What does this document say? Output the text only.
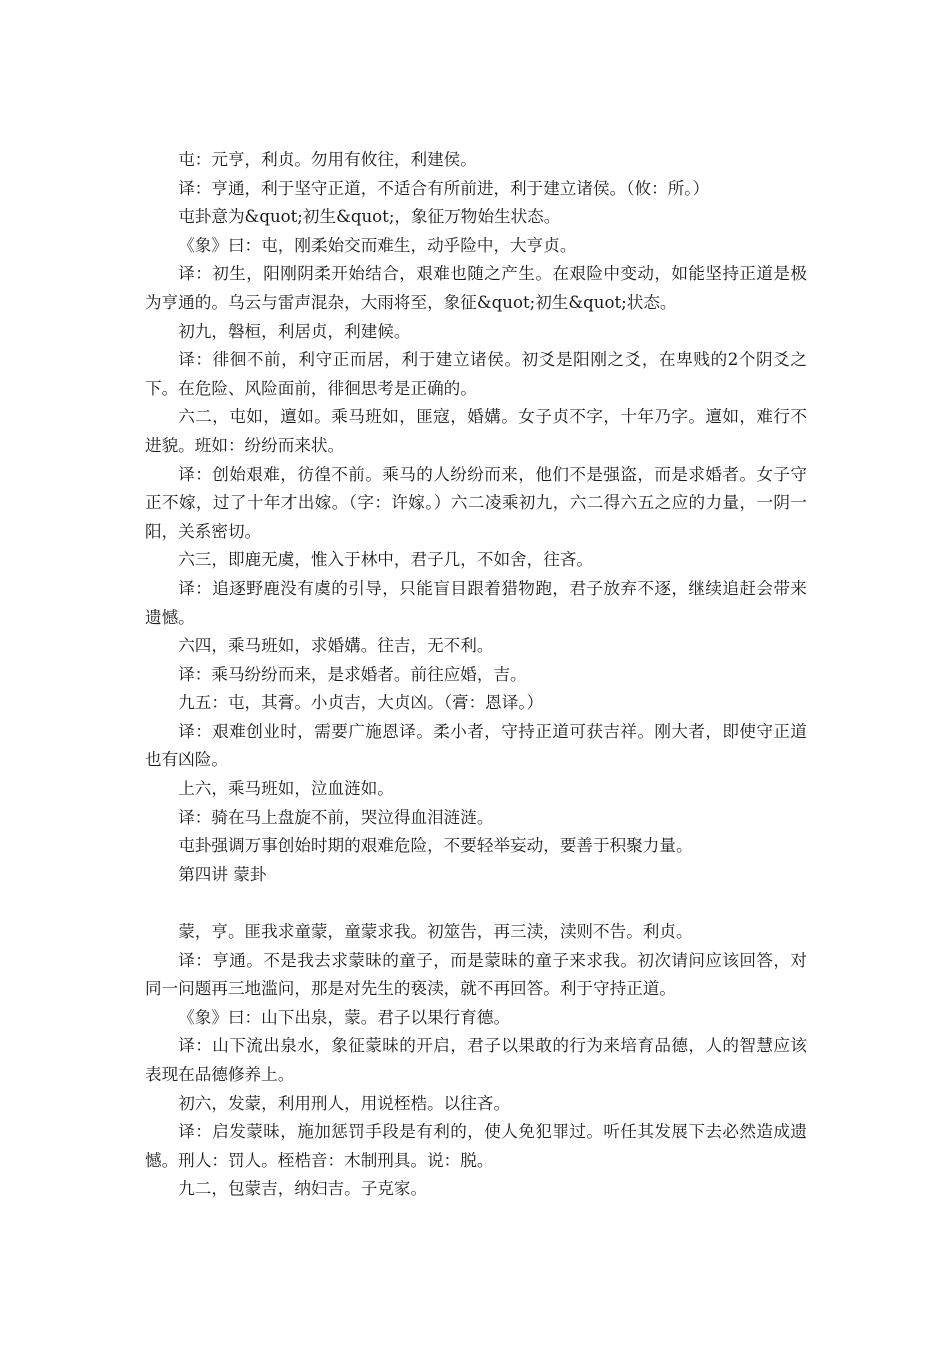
屯：元亨，利贞。勿用有攸往，利建侯。

译：亨通，利于坚守正道，不适合有所前进，利于建立诸侯。（攸：所。）

屯卦意为&quot;初生&quot;，象征万物始生状态。

《象》曰：屯，刚柔始交而难生，动乎险中，大亨贞。

译：初生，阳刚阴柔开始结合，艰难也随之产生。在艰险中变动，如能坚持正道是极为亨通的。乌云与雷声混杂，大雨将至，象征&quot;初生&quot;状态。

初九，磐桓，利居贞，利建候。

译：徘徊不前，利守正而居，利于建立诸侯。初爻是阳刚之爻，在卑贱的2个阴爻之下。在危险、风险面前，徘徊思考是正确的。

六二，屯如，邅如。乘马班如，匪寇，婚媾。女子贞不字，十年乃字。邅如，难行不进貌。班如：纷纷而来状。

译：创始艰难，彷徨不前。乘马的人纷纷而来，他们不是强盗，而是求婚者。女子守正不嫁，过了十年才出嫁。（字：许嫁。）六二凌乘初九，六二得六五之应的力量，一阴一阳，关系密切。

六三，即鹿无虞，惟入于林中，君子几，不如舍，往吝。

译：追逐野鹿没有虞的引导，只能盲目跟着猎物跑，君子放弃不逐，继续追赶会带来遗憾。

六四，乘马班如，求婚媾。往吉，无不利。

译：乘马纷纷而来，是求婚者。前往应婚，吉。

九五：屯，其膏。小贞吉，大贞凶。（膏：恩译。）

译：艰难创业时，需要广施恩译。柔小者，守持正道可获吉祥。刚大者，即使守正道也有凶险。

上六，乘马班如，泣血涟如。

译：骑在马上盘旋不前，哭泣得血泪涟涟。

屯卦强调万事创始时期的艰难危险，不要轻举妄动，要善于积聚力量。

第四讲 蒙卦

蒙，亨。匪我求童蒙，童蒙求我。初筮告，再三渎，渎则不告。利贞。

译：亨通。不是我去求蒙昧的童子，而是蒙昧的童子来求我。初次请问应该回答，对同一问题再三地滥问，那是对先生的亵渎，就不再回答。利于守持正道。

《象》曰：山下出泉，蒙。君子以果行育德。

译：山下流出泉水，象征蒙昧的开启，君子以果敢的行为来培育品德，人的智慧应该表现在品德修养上。

初六，发蒙，利用刑人，用说桎梏。以往吝。

译：启发蒙昧，施加惩罚手段是有利的，使人免犯罪过。听任其发展下去必然造成遗憾。刑人：罚人。桎梏音：木制刑具。说：脱。

九二，包蒙吉，纳妇吉。子克家。
